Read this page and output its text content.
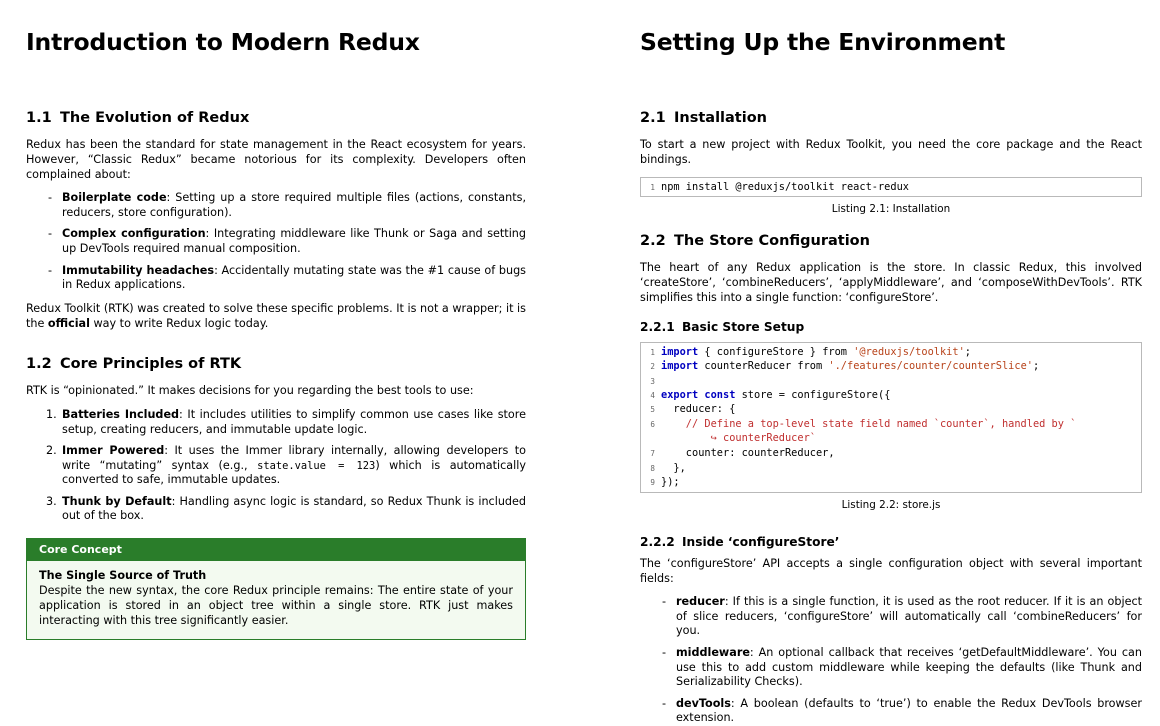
Introduction to Modern Redux
1.1 The Evolution of Redux

Redux has been the standard for state management in the React ecosystem for years. However, “Classic Redux” became notorious for its complexity. Developers often complained about:

- Boilerplate code: Setting up a store required multiple files (actions, constants, reducers, store configuration).
- Complex configuration: Integrating middleware like Thunk or Saga and setting up DevTools required manual composition.
- Immutability headaches: Accidentally mutating state was the #1 cause of bugs in Redux applications.

Redux Toolkit (RTK) was created to solve these specific problems. It is not a wrapper; it is the official way to write Redux logic today.

1.2 Core Principles of RTK

RTK is “opinionated.” It makes decisions for you regarding the best tools to use:

1. Batteries Included: It includes utilities to simplify common use cases like store setup, creating reducers, and immutable update logic.
2. Immer Powered: It uses the Immer library internally, allowing developers to write “mutating” syntax (e.g., state.value = 123) which is automatically converted to safe, immutable updates.
3. Thunk by Default: Handling async logic is standard, so Redux Thunk is included out of the box.
Core Concept
The Single Source of Truth

Despite the new syntax, the core Redux principle remains: The entire state of your application is stored in an object tree within a single store. RTK just makes interacting with this tree significantly easier.

Setting Up the Environment
2.1 Installation

To start a new project with Redux Toolkit, you need the core package and the React bindings.

1 npm install @reduxjs/toolkit react-redux
Listing 2.1: Installation
2.2 The Store Configuration

The heart of any Redux application is the store. In classic Redux, this involved ‘createStore’, ‘combineReducers’, ‘applyMiddleware’, and ‘composeWithDevTools’. RTK simplifies this into a single function: ‘configureStore’.

2.2.1 Basic Store Setup
1 import { configureStore } from '@reduxjs/toolkit';
2 import counterReducer from './features/counter/counterSlice';
3
4 export const store = configureStore({
5 reducer: {
6 // Define a top-level state field named `counter`, handled by `
↪ counterReducer`
7 counter: counterReducer,
8 },
9 });
Listing 2.2: store.js
2.2.2 Inside ‘configureStore’

The ‘configureStore’ API accepts a single configuration object with several important fields:

- reducer: If this is a single function, it is used as the root reducer. If it is an object of slice reducers, ‘configureStore’ will automatically call ‘combineReducers’ for you.
- middleware: An optional callback that receives ‘getDefaultMiddleware’. You can use this to add custom middleware while keeping the defaults (like Thunk and Serializability Checks).
- devTools: A boolean (defaults to ‘true’) to enable the Redux DevTools browser extension.
